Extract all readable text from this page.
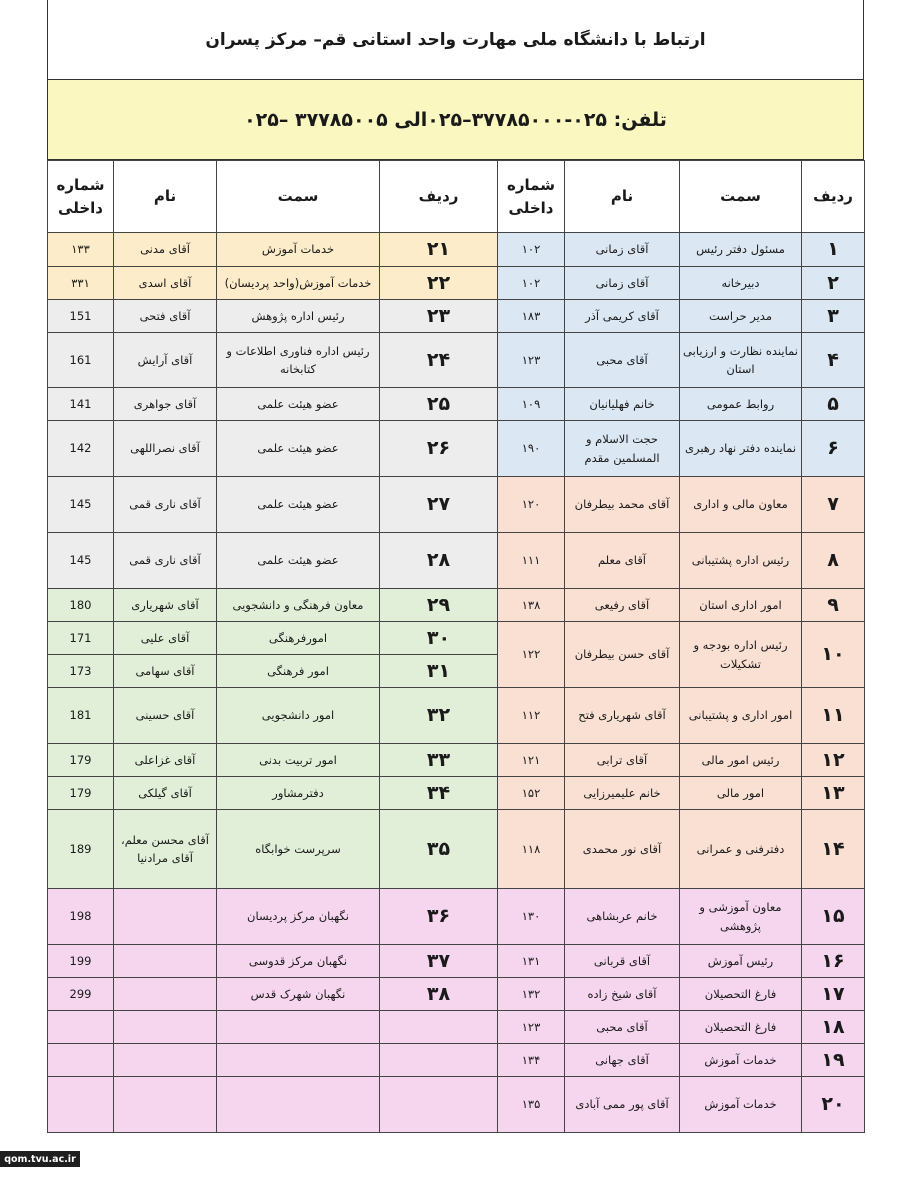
ارتباط با دانشگاه ملی مهارت واحد استانی قم– مرکز پسران
تلفن: ۰۲۵-۳۷۷۸۵۰۰۰–۰۲۵الی ۳۷۷۸۵۰۰۵ –۰۲۵
شماره داخلی	نام	سمت	ردیف	شماره داخلی	نام	سمت	ردیف
۱۳۳	آقای مدنی	خدمات آموزش	۲۱	۱۰۲	آقای زمانی	مسئول دفتر رئیس	۱
۳۳۱	آقای اسدی	خدمات آموزش(واحد پردیسان)	۲۲	۱۰۲	آقای زمانی	دبیرخانه	۲
151	آقای فتحی	رئیس اداره پژوهش	۲۳	۱۸۳	آقای کریمی آذر	مدیر حراست	۳
161	آقای آرایش	رئیس اداره فناوری اطلاعات و کتابخانه	۲۴	۱۲۳	آقای محبی	نماینده نظارت و ارزیابی استان	۴
141	آقای جواهری	عضو هیئت علمی	۲۵	۱۰۹	خانم فهلیانیان	روابط عمومی	۵
142	آقای نصراللهی	عضو هیئت علمی	۲۶	۱۹۰	حجت الاسلام و المسلمین مقدم	نماینده دفتر نهاد رهبری	۶
145	آقای ناری قمی	عضو هیئت علمی	۲۷	۱۲۰	آقای محمد بیطرفان	معاون مالی و اداری	۷
145	آقای ناری قمی	عضو هیئت علمی	۲۸	۱۱۱	آقای معلم	رئیس اداره پشتیبانی	۸
180	آقای شهریاری	معاون فرهنگی و دانشجویی	۲۹	۱۳۸	آقای رفیعی	امور اداری استان	۹
171	آقای علیی	امورفرهنگی	۳۰	۱۲۲	آقای حسن بیطرفان	رئیس اداره بودجه و تشکیلات	۱۰
173	آقای سهامی	امور فرهنگی	۳۱				
181	آقای حسینی	امور دانشجویی	۳۲	۱۱۲	آقای شهریاری فتح	امور اداری و پشتیبانی	۱۱
179	آقای غزاعلی	امور تربیت بدنی	۳۳	۱۲۱	آقای ترابی	رئیس امور مالی	۱۲
179	آقای گیلکی	دفترمشاور	۳۴	۱۵۲	خانم علیمیرزایی	امور مالی	۱۳
189	آقای محسن معلم، آقای مرادنیا	سرپرست خوابگاه	۳۵	۱۱۸	آقای نور محمدی	دفترفنی و عمرانی	۱۴
198		نگهبان مرکز پردیسان	۳۶	۱۳۰	خانم عربشاهی	معاون آموزشی و پژوهشی	۱۵
199		نگهبان مرکز قدوسی	۳۷	۱۳۱	آقای قربانی	رئیس آموزش	۱۶
299		نگهبان شهرک قدس	۳۸	۱۳۲	آقای شیخ زاده	فارغ التحصیلان	۱۷
				۱۲۳	آقای محبی	فارغ التحصیلان	۱۸
				۱۳۴	آقای جهانی	خدمات آموزش	۱۹
				۱۳۵	آقای پور ممی آبادی	خدمات آموزش	۲۰
qom.tvu.ac.ir
